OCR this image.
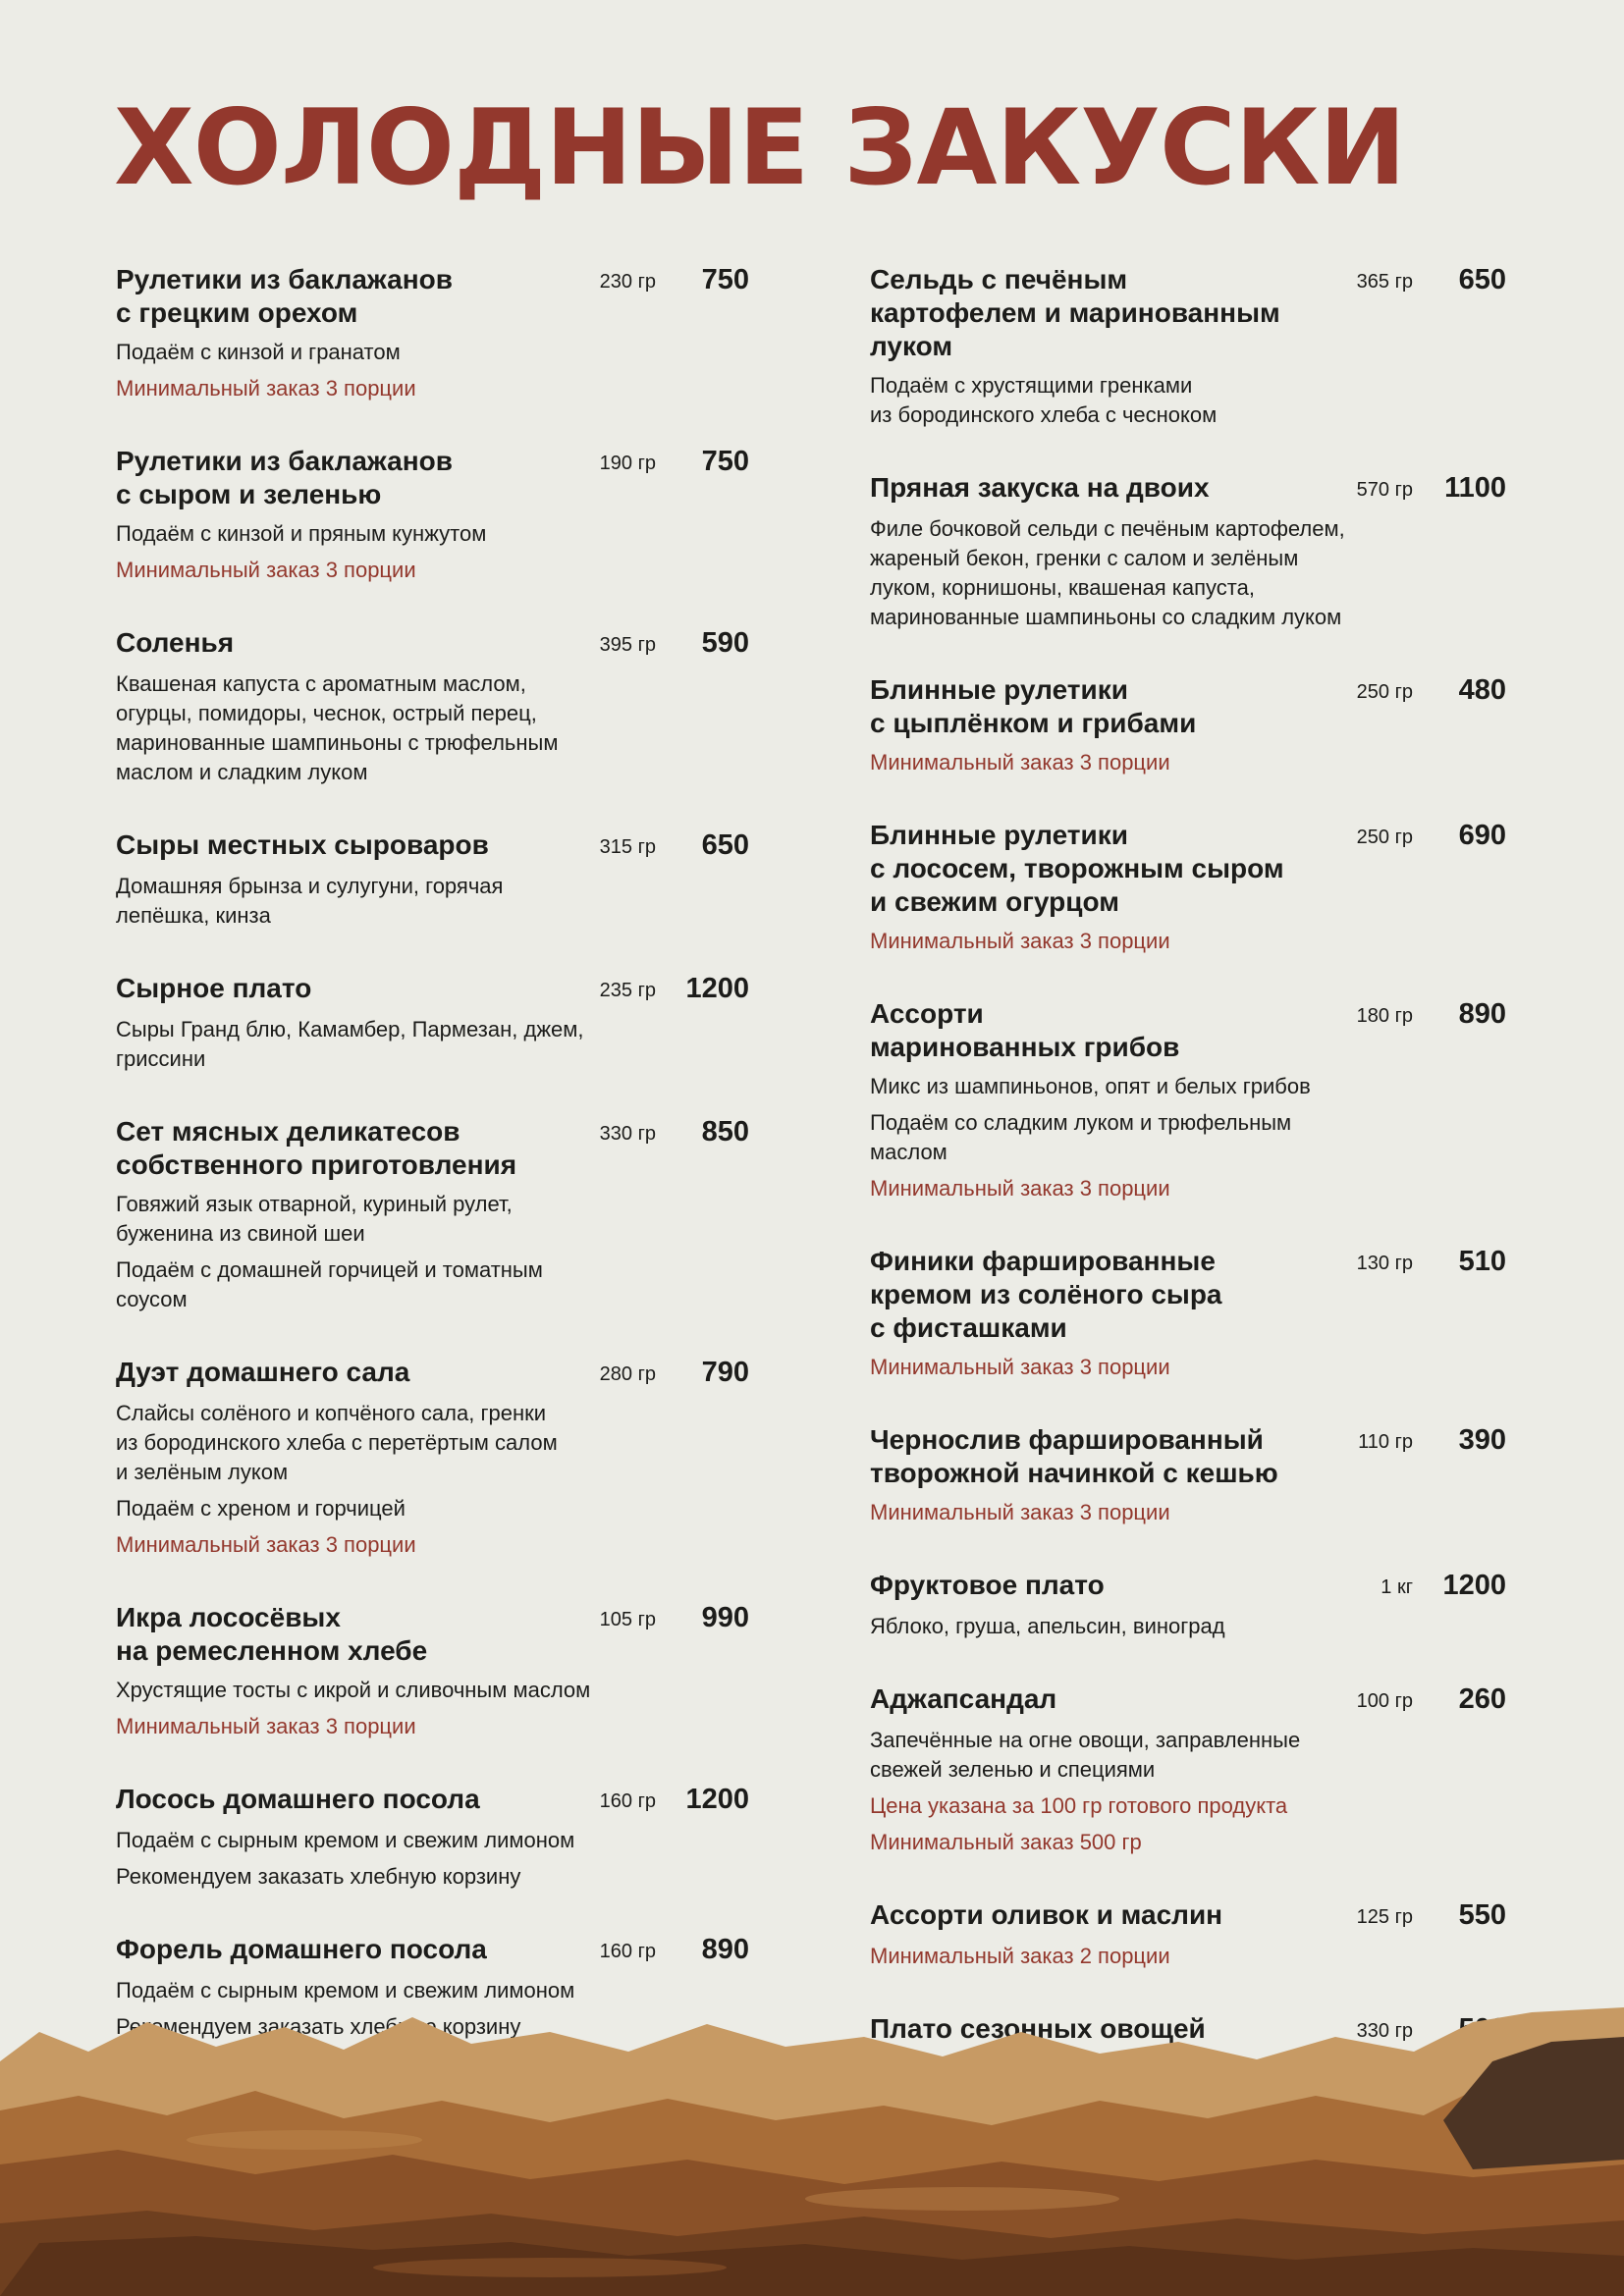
ХОЛОДНЫЕ ЗАКУСКИ
Рулетики из баклажанов
с грецким орехом
230 гр	750

Подаём с кинзой и гранатом

Минимальный заказ 3 порции

Рулетики из баклажанов
с сыром и зеленью
190 гр	750

Подаём с кинзой и пряным кунжутом

Минимальный заказ 3 порции

Соленья	395 гр	590

Квашеная капуста с ароматным маслом,
огурцы, помидоры, чеснок, острый перец,
маринованные шампиньоны с трюфельным
маслом и сладким луком

Сыры местных сыроваров	315 гр	650

Домашняя брынза и сулугуни, горячая
лепёшка, кинза

Сырное плато	235 гр	1200

Сыры Гранд блю, Камамбер, Пармезан, джем,
гриссини

Сет мясных деликатесов
собственного приготовления
330 гр	850

Говяжий язык отварной, куриный рулет,
буженина из свиной шеи

Подаём с домашней горчицей и томатным
соусом

Дуэт домашнего сала	280 гр	790

Слайсы солёного и копчёного сала, гренки
из бородинского хлеба с перетёртым салом
и зелёным луком

Подаём с хреном и горчицей

Минимальный заказ 3 порции

Икра лососёвых
на ремесленном хлебе
105 гр	990

Хрустящие тосты с икрой и сливочным маслом

Минимальный заказ 3 порции

Лосось домашнего посола	160 гр	1200

Подаём с сырным кремом и свежим лимоном

Рекомендуем заказать хлебную корзину

Форель домашнего посола	160 гр	890

Подаём с сырным кремом и свежим лимоном

Рекомендуем заказать хлебную корзину

Сельдь с печёным
картофелем и маринованным луком
365 гр	650

Подаём с хрустящими гренками
из бородинского хлеба с чесноком

Пряная закуска на двоих	570 гр	1100

Филе бочковой сельди с печёным картофелем,
жареный бекон, гренки с салом и зелёным
луком, корнишоны, квашеная капуста,
маринованные шампиньоны со сладким луком

Блинные рулетики
с цыплёнком и грибами
250 гр	480

Минимальный заказ 3 порции

Блинные рулетики
с лососем, творожным сыром
и свежим огурцом
250 гр	690

Минимальный заказ 3 порции

Ассорти
маринованных грибов
180 гр	890

Микс из шампиньонов, опят и белых грибов

Подаём со сладким луком и трюфельным
маслом

Минимальный заказ 3 порции

Финики фаршированные
кремом из солёного сыра
с фисташками
130 гр	510

Минимальный заказ 3 порции

Чернослив фаршированный
творожной начинкой с кешью
110 гр	390

Минимальный заказ 3 порции

Фруктовое плато	1 кг	1200

Яблоко, груша, апельсин, виноград

Аджапсандал	100 гр	260

Запечённые на огне овощи, заправленные
свежей зеленью и специями

Цена указана за 100 гр готового продукта

Минимальный заказ 500 гр

Ассорти оливок и маслин	125 гр	550

Минимальный заказ 2 порции

Плато сезонных овощей	330 гр
